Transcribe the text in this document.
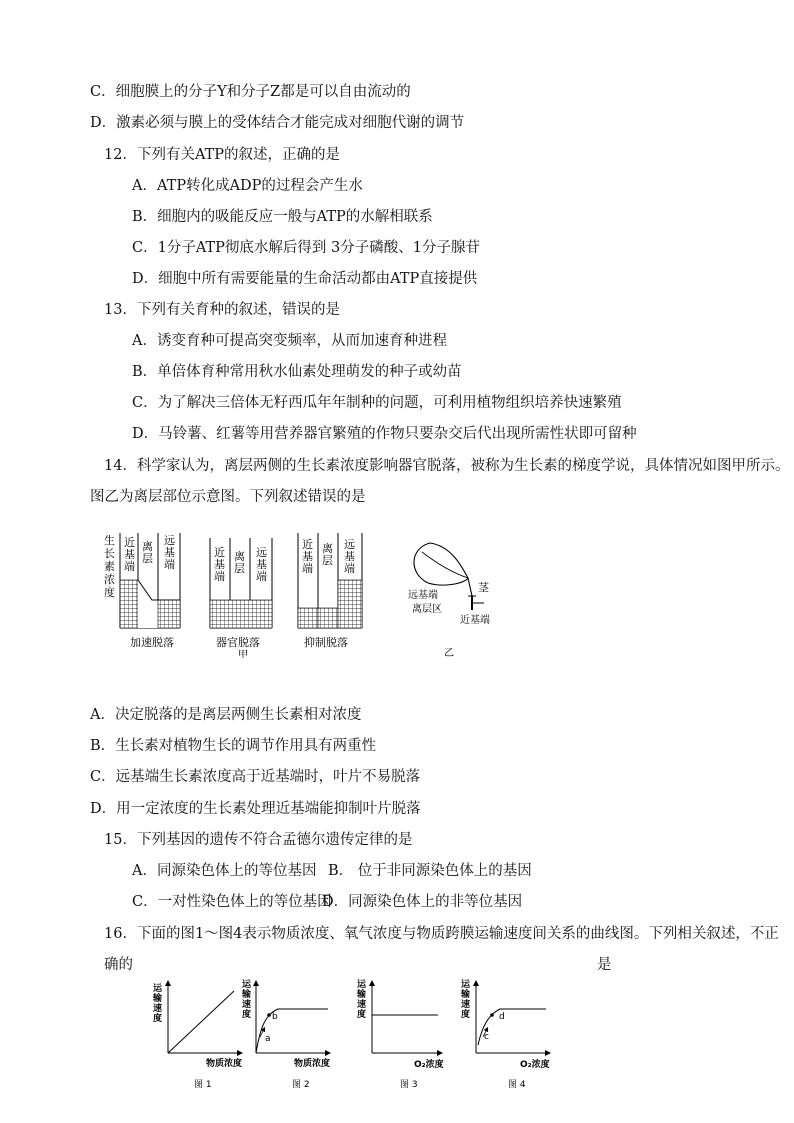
C．细胞膜上的分子Y和分子Z都是可以自由流动的
D．激素必须与膜上的受体结合才能完成对细胞代谢的调节
12．下列有关ATP的叙述，正确的是
A．ATP转化成ADP的过程会产生水
B．细胞内的吸能反应一般与ATP的水解相联系
C．1分子ATP彻底水解后得到 3分子磷酸、1分子腺苷
D．细胞中所有需要能量的生命活动都由ATP直接提供
13．下列有关育种的叙述，错误的是
A．诱变育种可提高突变频率，从而加速育种进程
B．单倍体育种常用秋水仙素处理萌发的种子或幼苗
C．为了解决三倍体无籽西瓜年年制种的问题，可利用植物组织培养快速繁殖
D．马铃薯、红薯等用营养器官繁殖的作物只要杂交后代出现所需性状即可留种
14．科学家认为，离层两侧的生长素浓度影响器官脱落，被称为生长素的梯度学说，具体情况如图甲所示。
图乙为离层部位示意图。下列叙述错误的是
生
长
素
浓
度
近
基
端
离
层
远
基
端
加速脱落
近
基
端
离
层
远
基
端
器官脱落
甲
近
基
端
离
层
远
基
端
抑制脱落
茎
远基端
离层区
近基端
乙
A．决定脱落的是离层两侧生长素相对浓度
B．生长素对植物生长的调节作用具有两重性
C．远基端生长素浓度高于近基端时，叶片不易脱落
D．用一定浓度的生长素处理近基端能抑制叶片脱落
15．下列基因的遗传不符合孟德尔遗传定律的是
A．同源染色体上的等位基因 B． 位于非同源染色体上的基因
C．一对性染色体上的等位基因
D．同源染色体上的非等位基因
16．下面的图1～图4表示物质浓度、氧气浓度与物质跨膜运输速度间关系的曲线图。下列相关叙述，不正
确的	是
运
输
速
度
物质浓度
图 1
运
输
速
度
a
b
物质浓度
图 2
运
输
速
度
O₂浓度
图 3
运
输
速
度
c
d
O₂浓度
图 4
